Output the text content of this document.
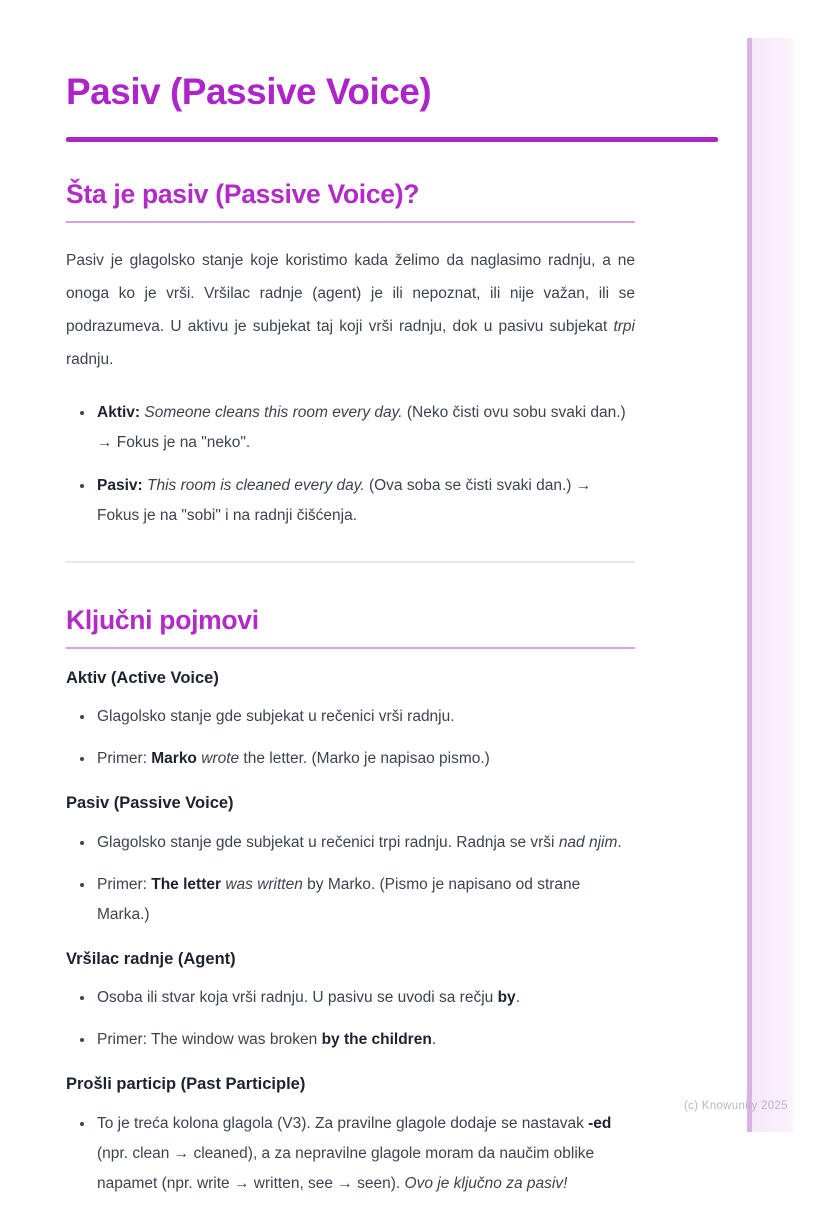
Pasiv (Passive Voice)
Šta je pasiv (Passive Voice)?

Pasiv je glagolsko stanje koje koristimo kada želimo da naglasimo radnju, a ne onoga ko je vrši. Vršilac radnje (agent) je ili nepoznat, ili nije važan, ili se podrazumeva. U aktivu je subjekat taj koji vrši radnju, dok u pasivu subjekat trpi radnju.

• Aktiv: Someone cleans this room every day. (Neko čisti ovu sobu svaki dan.) → Fokus je na "neko".
• Pasiv: This room is cleaned every day. (Ova soba se čisti svaki dan.) → Fokus je na "sobi" i na radnji čišćenja.
Ključni pojmovi
Aktiv (Active Voice)
• Glagolsko stanje gde subjekat u rečenici vrši radnju.
• Primer: Marko wrote the letter. (Marko je napisao pismo.)
Pasiv (Passive Voice)
• Glagolsko stanje gde subjekat u rečenici trpi radnju. Radnja se vrši nad njim.
• Primer: The letter was written by Marko. (Pismo je napisano od strane Marka.)
Vršilac radnje (Agent)
• Osoba ili stvar koja vrši radnju. U pasivu se uvodi sa rečju by.
• Primer: The window was broken by the children.
Prošli particip (Past Participle)
• To je treća kolona glagola (V3). Za pravilne glagole dodaje se nastavak -ed (npr. clean → cleaned), a za nepravilne glagole moram da naučim oblike napamet (npr. write → written, see → seen). Ovo je ključno za pasiv!
(c) Knowunity 2025
